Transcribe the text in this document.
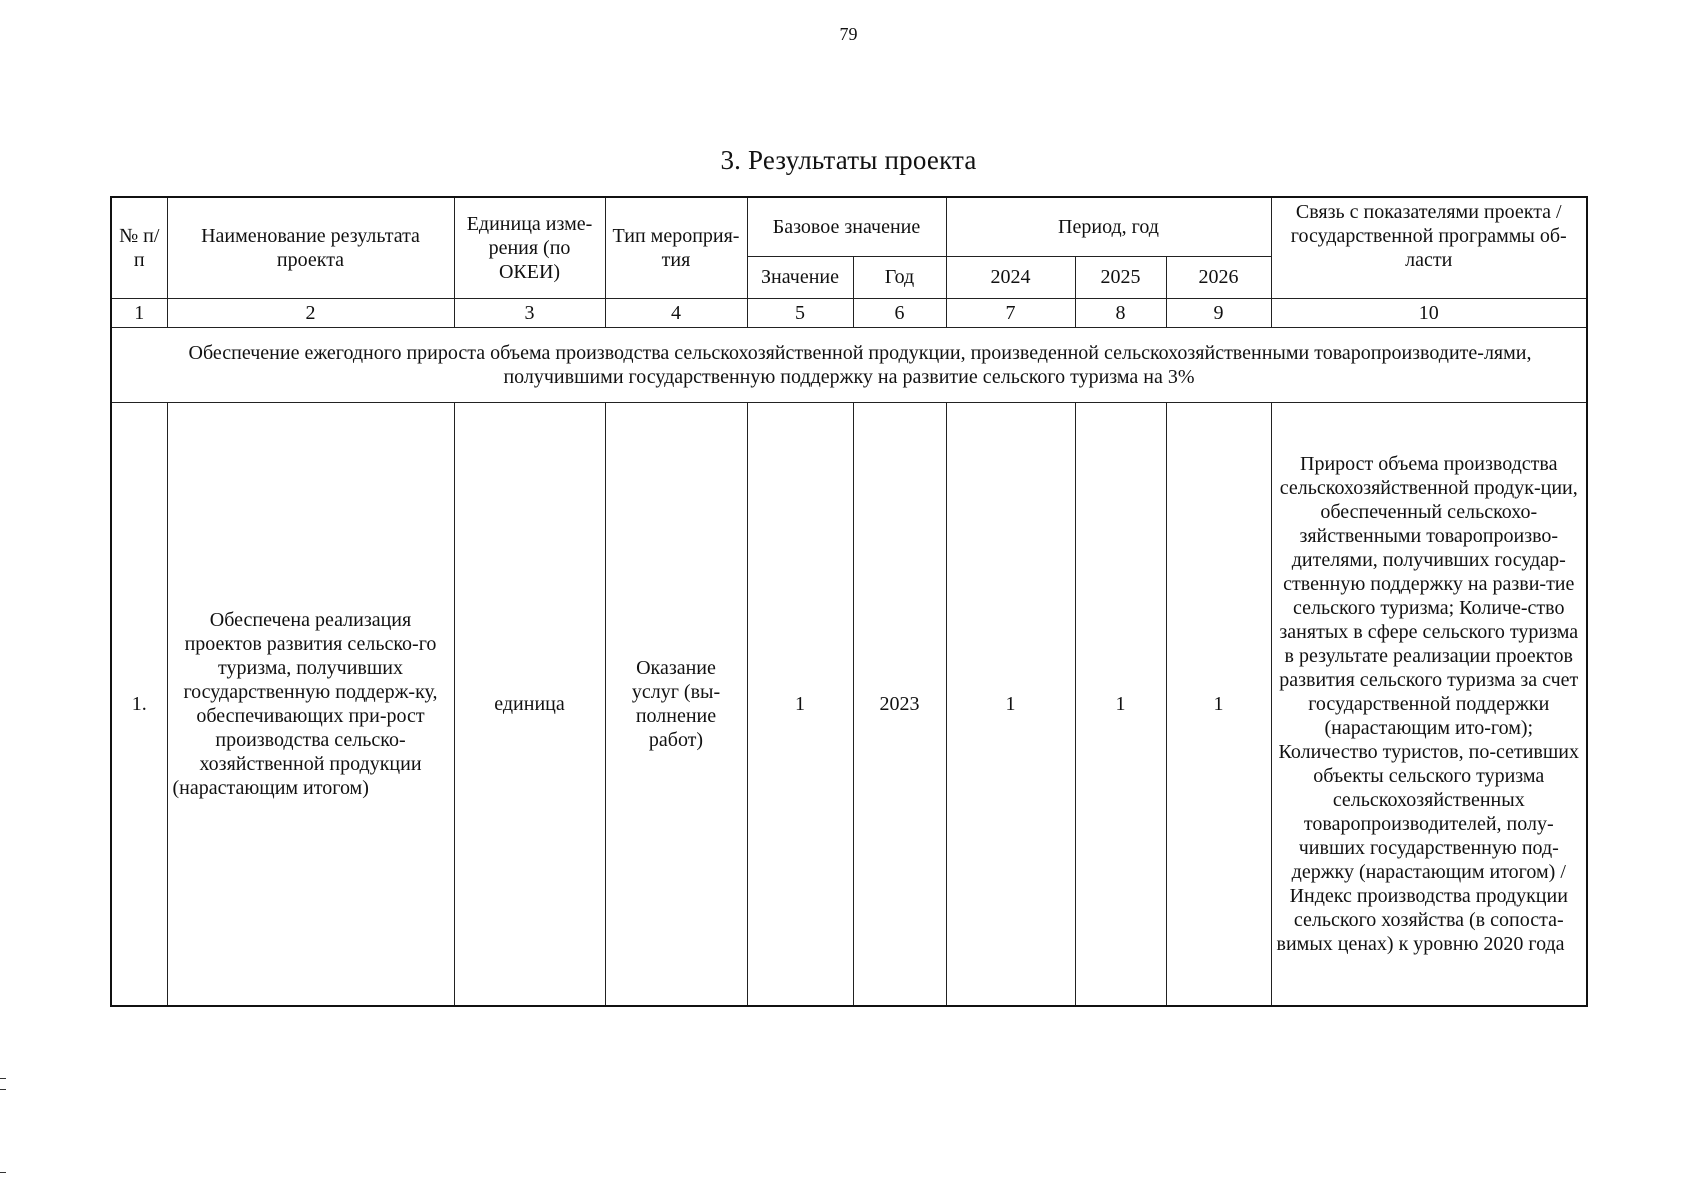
79
3. Результаты проекта
№ п/п	Наименование результата проекта	Единица изме-рения (по ОКЕИ)	Тип мероприя-тия	Базовое значение		Период, год			Связь с показателями проекта / государственной программы об-ласти
				Значение	Год	2024	2025	2026	
1	2	3	4	5	6	7	8	9	10
Обеспечение ежегодного прироста объема производства сельскохозяйственной продукции, произведенной сельскохозяйственными товаропроизводите-лями, получившими государственную поддержку на развитие сельского туризма на 3%									
1.	Обеспечена реализация проектов развития сельско-го туризма, получивших государственную поддерж-ку, обеспечивающих при-рост производства сельско-хозяйственной продукции (нарастающим итогом)	единица	Оказание услуг (вы-полнение работ)	1	2023	1	1	1	Прирост объема производства сельскохозяйственной продук-ции, обеспеченный сельскохо-зяйственными товаропроизво-дителями, получивших государ-ственную поддержку на разви-тие сельского туризма; Количе-ство занятых в сфере сельского туризма в результате реализации проектов развития сельского туризма за счет государственной поддержки (нарастающим ито-гом); Количество туристов, по-сетивших объекты сельского туризма сельскохозяйственных товаропроизводителей, полу-чивших государственную под-держку (нарастающим итогом) / Индекс производства продукции сельского хозяйства (в сопоста-вимых ценах) к уровню 2020 года
